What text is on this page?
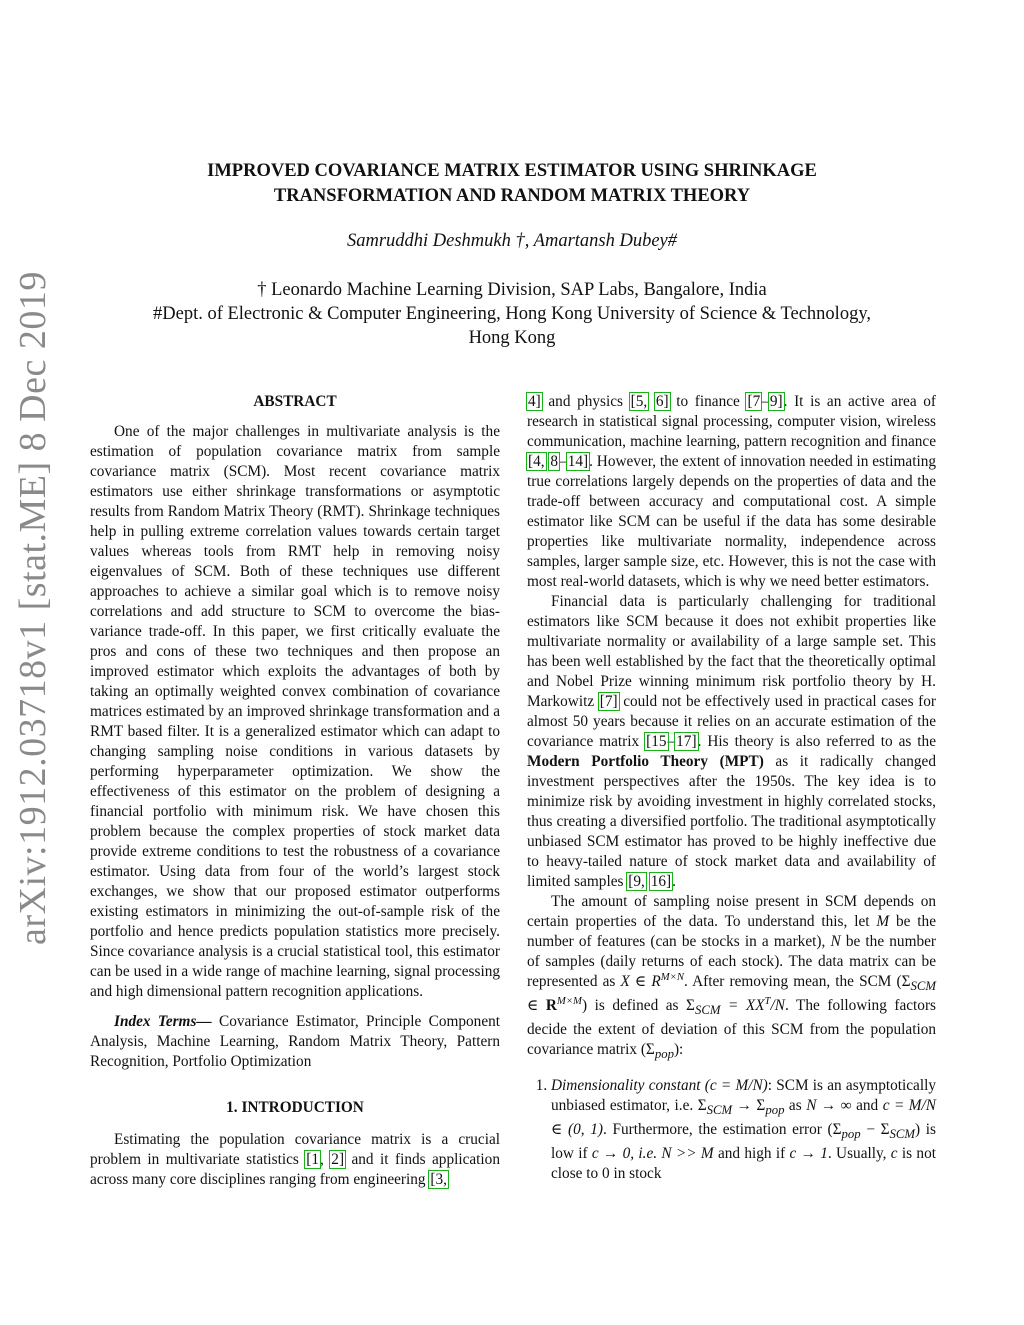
arXiv:1912.03718v1 [stat.ME] 8 Dec 2019
IMPROVED COVARIANCE MATRIX ESTIMATOR USING SHRINKAGE
TRANSFORMATION AND RANDOM MATRIX THEORY
Samruddhi Deshmukh †, Amartansh Dubey#

† Leonardo Machine Learning Division, SAP Labs, Bangalore, India

#Dept. of Electronic & Computer Engineering, Hong Kong University of Science & Technology,

Hong Kong

ABSTRACT

One of the major challenges in multivariate analysis is the estimation of population covariance matrix from sample covariance matrix (SCM). Most recent covariance matrix estimators use either shrinkage transformations or asymptotic results from Random Matrix Theory (RMT). Shrinkage techniques help in pulling extreme correlation values towards certain target values whereas tools from RMT help in removing noisy eigenvalues of SCM. Both of these techniques use different approaches to achieve a similar goal which is to remove noisy correlations and add structure to SCM to overcome the bias-variance trade-off. In this paper, we first critically evaluate the pros and cons of these two techniques and then propose an improved estimator which exploits the advantages of both by taking an optimally weighted convex combination of covariance matrices estimated by an improved shrinkage transformation and a RMT based filter. It is a generalized estimator which can adapt to changing sampling noise conditions in various datasets by performing hyperparameter optimization. We show the effectiveness of this estimator on the problem of designing a financial portfolio with minimum risk. We have chosen this problem because the complex properties of stock market data provide extreme conditions to test the robustness of a covariance estimator. Using data from four of the world’s largest stock exchanges, we show that our proposed estimator outperforms existing estimators in minimizing the out-of-sample risk of the portfolio and hence predicts population statistics more precisely. Since covariance analysis is a crucial statistical tool, this estimator can be used in a wide range of machine learning, signal processing and high dimensional pattern recognition applications.

Index Terms— Covariance Estimator, Principle Component Analysis, Machine Learning, Random Matrix Theory, Pattern Recognition, Portfolio Optimization

1. INTRODUCTION

Estimating the population covariance matrix is a crucial problem in multivariate statistics [1, 2] and it finds application across many core disciplines ranging from engineering [3,

4] and physics [5, 6] to finance [7–9]. It is an active area of research in statistical signal processing, computer vision, wireless communication, machine learning, pattern recognition and finance [4, 8–14]. However, the extent of innovation needed in estimating true correlations largely depends on the properties of data and the trade-off between accuracy and computational cost. A simple estimator like SCM can be useful if the data has some desirable properties like multivariate normality, independence across samples, larger sample size, etc. However, this is not the case with most real-world datasets, which is why we need better estimators.

Financial data is particularly challenging for traditional estimators like SCM because it does not exhibit properties like multivariate normality or availability of a large sample set. This has been well established by the fact that the theoretically optimal and Nobel Prize winning minimum risk portfolio theory by H. Markowitz [7] could not be effectively used in practical cases for almost 50 years because it relies on an accurate estimation of the covariance matrix [15–17]. His theory is also referred to as the Modern Portfolio Theory (MPT) as it radically changed investment perspectives after the 1950s. The key idea is to minimize risk by avoiding investment in highly correlated stocks, thus creating a diversified portfolio. The traditional asymptotically unbiased SCM estimator has proved to be highly ineffective due to heavy-tailed nature of stock market data and availability of limited samples [9, 16].

The amount of sampling noise present in SCM depends on certain properties of the data. To understand this, let M be the number of features (can be stocks in a market), N be the number of samples (daily returns of each stock). The data matrix can be represented as X ∈ $R^{M\times N}$. After removing mean, the SCM ($\Sigma_{SCM}$ ∈ $R^{M\times M}$) is defined as $\Sigma_{SCM} = XX^T/N$. The following factors decide the extent of deviation of this SCM from the population covariance matrix $(\Sigma_{pop})$:

1. Dimensionality constant (c = M/N): SCM is an asymptotically unbiased estimator, i.e. $\Sigma_{SCM} \to \Sigma_{pop}$ as N → ∞ and c = M/N ∈ (0, 1). Furthermore, the estimation error $(\Sigma_{pop} - \Sigma_{SCM})$ is low if c → 0, i.e. N >> M and high if c → 1. Usually, c is not close to 0 in stock
